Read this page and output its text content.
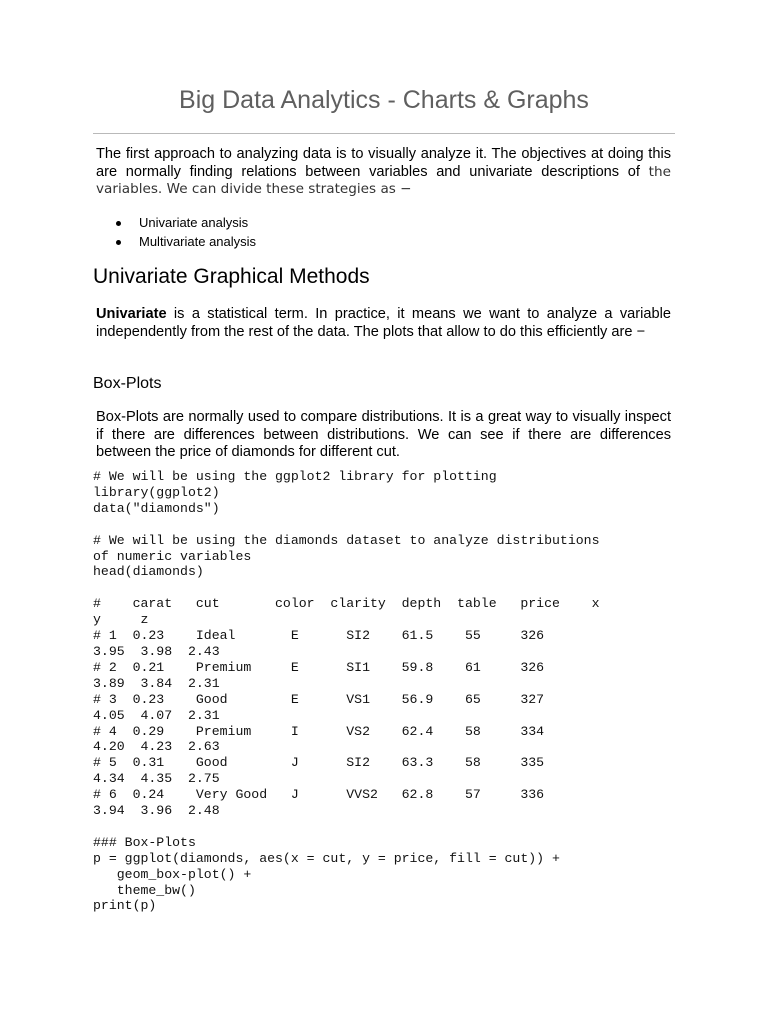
Big Data Analytics - Charts & Graphs

The first approach to analyzing data is to visually analyze it. The objectives at doing this are normally finding relations between variables and univariate descriptions of the variables. We can divide these strategies as −

Univariate analysis
Multivariate analysis
Univariate Graphical Methods

Univariate is a statistical term. In practice, it means we want to analyze a variable independently from the rest of the data. The plots that allow to do this efficiently are −

Box-Plots

Box-Plots are normally used to compare distributions. It is a great way to visually inspect if there are differences between distributions. We can see if there are differences between the price of diamonds for different cut.

# We will be using the ggplot2 library for plotting
library(ggplot2)
data("diamonds")

# We will be using the diamonds dataset to analyze distributions
of numeric variables
head(diamonds)

#    carat   cut       color  clarity  depth  table   price    x
y     z
# 1  0.23    Ideal       E      SI2    61.5    55     326
3.95  3.98  2.43
# 2  0.21    Premium     E      SI1    59.8    61     326
3.89  3.84  2.31
# 3  0.23    Good        E      VS1    56.9    65     327
4.05  4.07  2.31
# 4  0.29    Premium     I      VS2    62.4    58     334
4.20  4.23  2.63
# 5  0.31    Good        J      SI2    63.3    58     335
4.34  4.35  2.75
# 6  0.24    Very Good   J      VVS2   62.8    57     336
3.94  3.96  2.48

### Box-Plots
p = ggplot(diamonds, aes(x = cut, y = price, fill = cut)) +
geom_box-plot() +
theme_bw()
print(p)
